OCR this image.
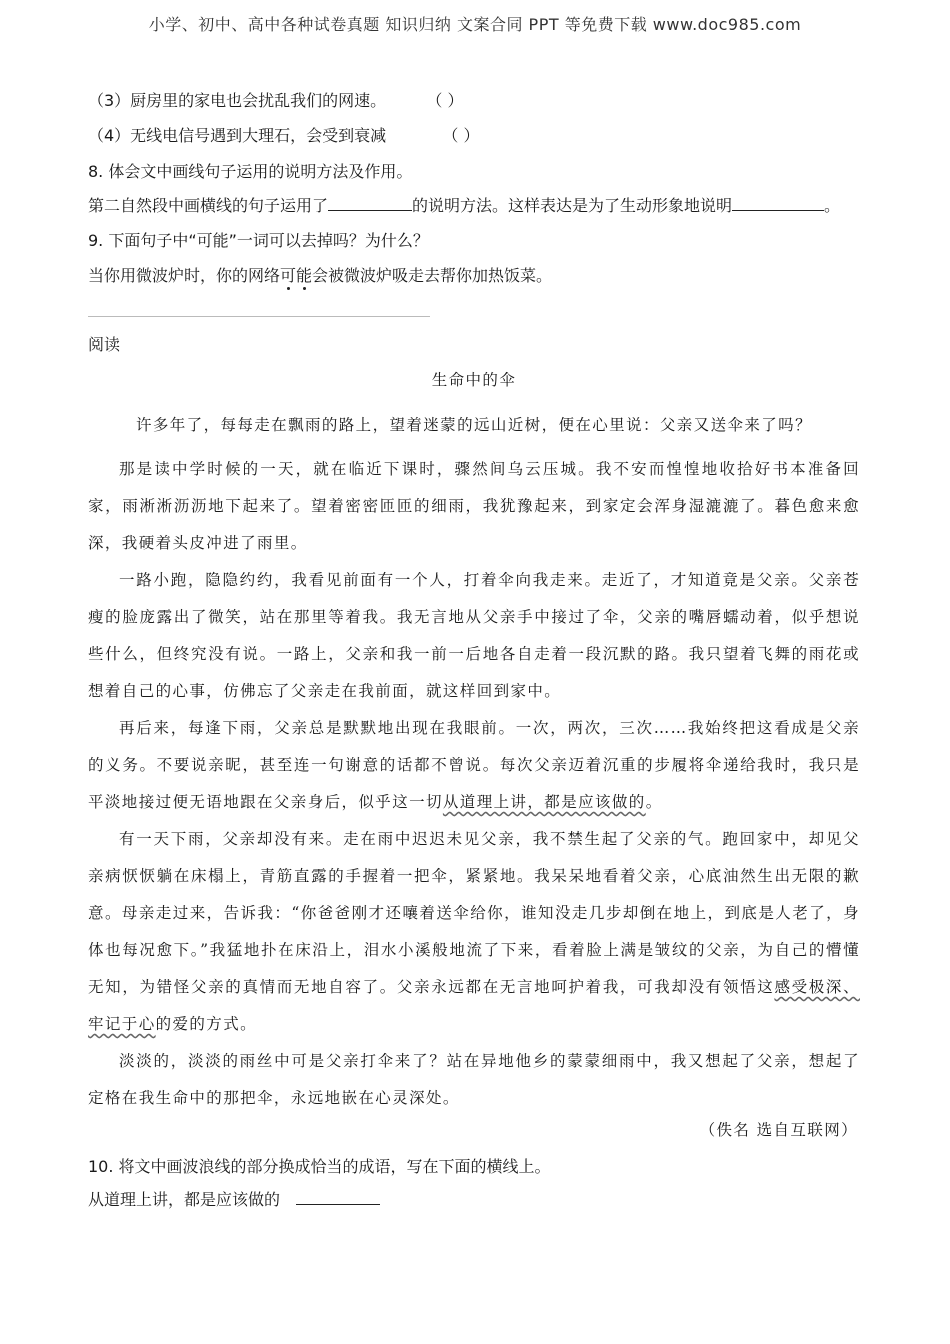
小学、初中、高中各种试卷真题 知识归纳 文案合同 PPT 等免费下载 www.doc985.com
（3）厨房里的家电也会扰乱我们的网速。	（ ）
（4）无线电信号遇到大理石，会受到衰减	（ ）
8. 体会文中画线句子运用的说明方法及作用。
第二自然段中画横线的句子运用了	的说明方法。这样表达是为了生动形象地说明	。
9. 下面句子中“可能”一词可以去掉吗？为什么？
当你用微波炉时，你的网络可能会被微波炉吸走去帮你加热饭菜。
阅读
生命中的伞
许多年了，每每走在飘雨的路上，望着迷蒙的远山近树，便在心里说：父亲又送伞来了吗？

那是读中学时候的一天，就在临近下课时，骤然间乌云压城。我不安而惶惶地收拾好书本准备回家，雨淅淅沥沥地下起来了。望着密密匝匝的细雨，我犹豫起来，到家定会浑身湿漉漉了。暮色愈来愈深，我硬着头皮冲进了雨里。

一路小跑，隐隐约约，我看见前面有一个人，打着伞向我走来。走近了，才知道竟是父亲。父亲苍瘦的脸庞露出了微笑，站在那里等着我。我无言地从父亲手中接过了伞，父亲的嘴唇蠕动着，似乎想说些什么，但终究没有说。一路上，父亲和我一前一后地各自走着一段沉默的路。我只望着飞舞的雨花或想着自己的心事，仿佛忘了父亲走在我前面，就这样回到家中。

再后来，每逢下雨，父亲总是默默地出现在我眼前。一次，两次，三次……我始终把这看成是父亲的义务。不要说亲昵，甚至连一句谢意的话都不曾说。每次父亲迈着沉重的步履将伞递给我时，我只是平淡地接过便无语地跟在父亲身后，似乎这一切从道理上讲，都是应该做的。

有一天下雨，父亲却没有来。走在雨中迟迟未见父亲，我不禁生起了父亲的气。跑回家中，却见父亲病恹恹躺在床榻上，青筋直露的手握着一把伞，紧紧地。我呆呆地看着父亲，心底油然生出无限的歉意。母亲走过来，告诉我：“你爸爸刚才还嚷着送伞给你，谁知没走几步却倒在地上，到底是人老了，身体也每况愈下。”我猛地扑在床沿上，泪水小溪般地流了下来，看着脸上满是皱纹的父亲，为自己的懵懂无知，为错怪父亲的真情而无地自容了。父亲永远都在无言地呵护着我，可我却没有领悟这感受极深、牢记于心的爱的方式。

淡淡的，淡淡的雨丝中可是父亲打伞来了？站在异地他乡的蒙蒙细雨中，我又想起了父亲，想起了定格在我生命中的那把伞，永远地嵌在心灵深处。

（佚名 选自互联网）
10. 将文中画波浪线的部分换成恰当的成语，写在下面的横线上。
从道理上讲，都是应该做的
